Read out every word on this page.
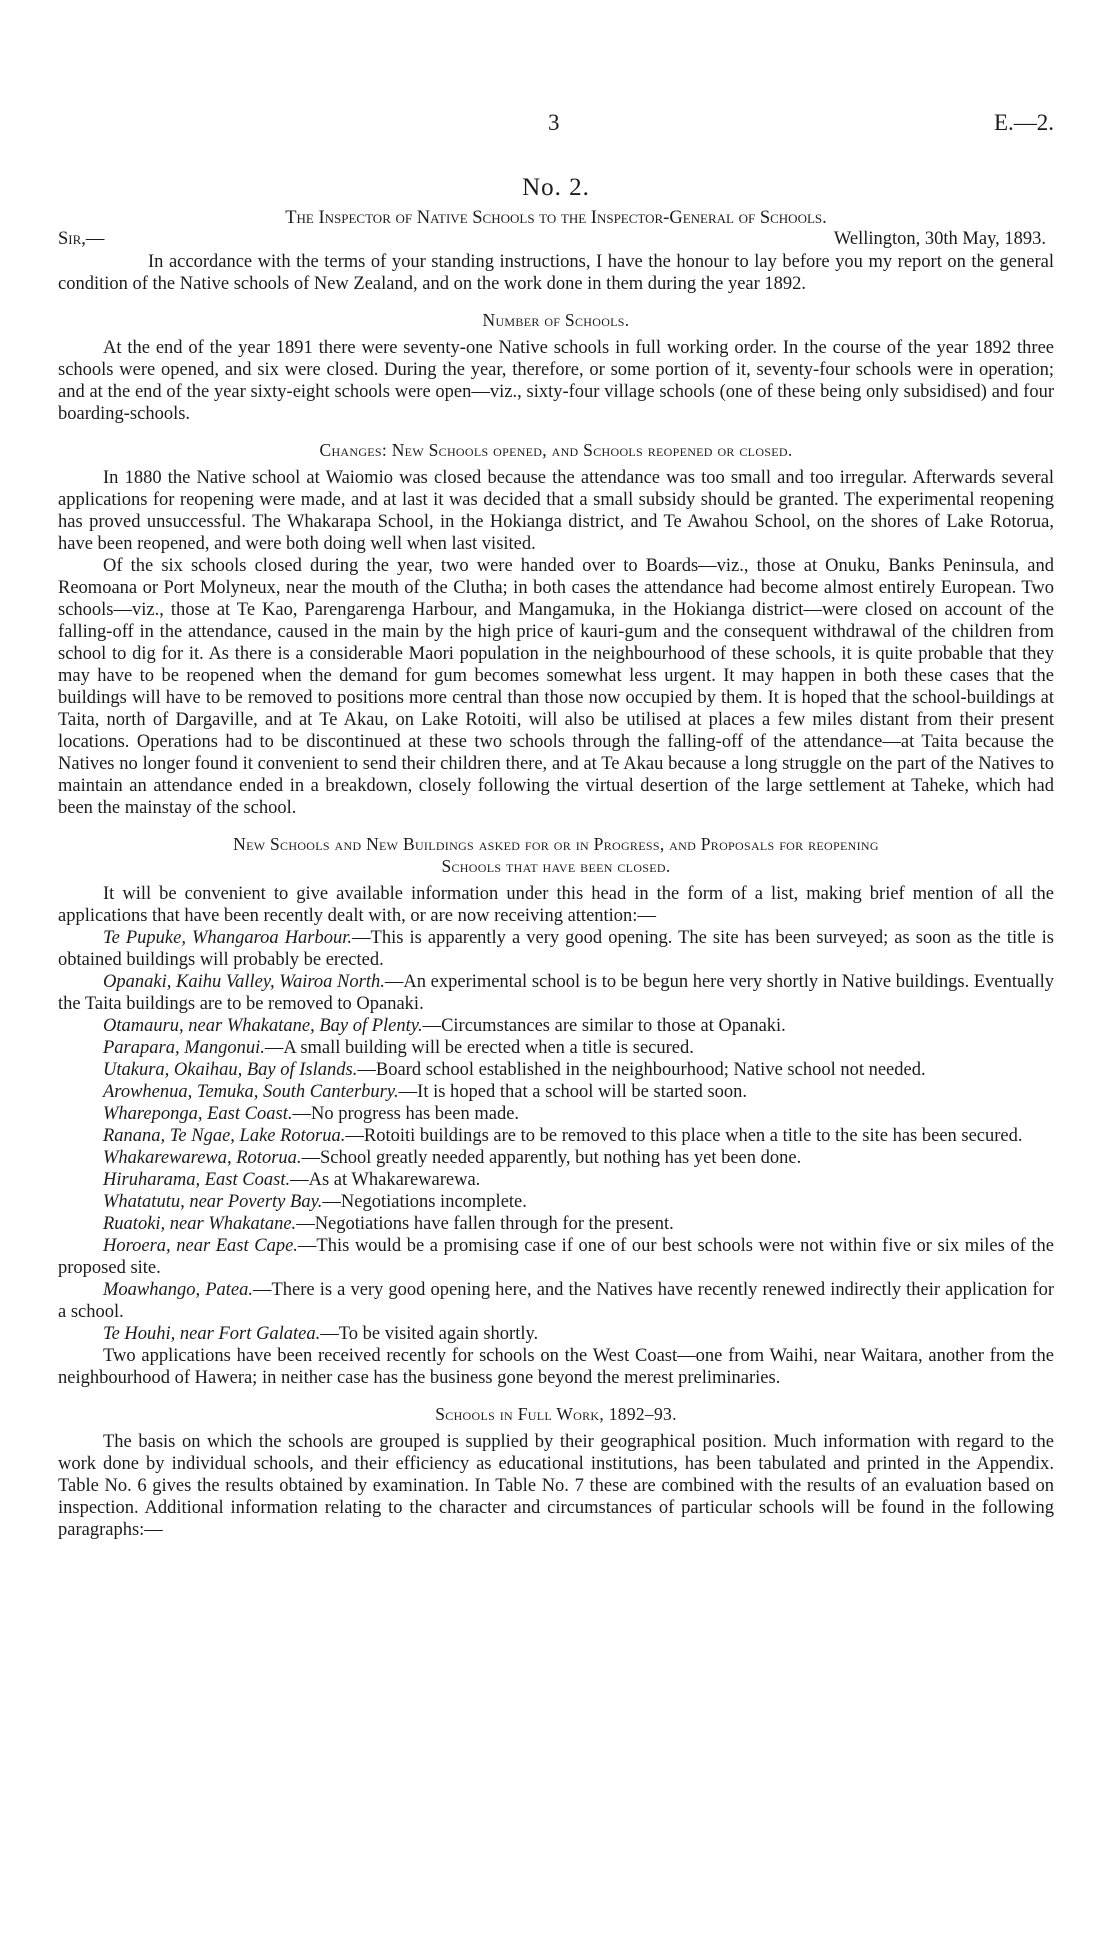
3	E.—2.
No. 2.
The Inspector of Native Schools to the Inspector-General of Schools.
Sir,—	Wellington, 30th May, 1893.

In accordance with the terms of your standing instructions, I have the honour to lay before you my report on the general condition of the Native schools of New Zealand, and on the work done in them during the year 1892.

Number of Schools.

At the end of the year 1891 there were seventy-one Native schools in full working order. In the course of the year 1892 three schools were opened, and six were closed. During the year, therefore, or some portion of it, seventy-four schools were in operation; and at the end of the year sixty-eight schools were open—viz., sixty-four village schools (one of these being only subsidised) and four boarding-schools.

Changes: New Schools opened, and Schools reopened or closed.

In 1880 the Native school at Waiomio was closed because the attendance was too small and too irregular. Afterwards several applications for reopening were made, and at last it was decided that a small subsidy should be granted. The experimental reopening has proved unsuccessful. The Whakarapa School, in the Hokianga district, and Te Awahou School, on the shores of Lake Rotorua, have been reopened, and were both doing well when last visited.

Of the six schools closed during the year, two were handed over to Boards—viz., those at Onuku, Banks Peninsula, and Reomoana or Port Molyneux, near the mouth of the Clutha; in both cases the attendance had become almost entirely European. Two schools—viz., those at Te Kao, Parengarenga Harbour, and Mangamuka, in the Hokianga district—were closed on account of the falling-off in the attendance, caused in the main by the high price of kauri-gum and the consequent withdrawal of the children from school to dig for it. As there is a considerable Maori population in the neighbourhood of these schools, it is quite probable that they may have to be reopened when the demand for gum becomes somewhat less urgent. It may happen in both these cases that the buildings will have to be removed to positions more central than those now occupied by them. It is hoped that the school-buildings at Taita, north of Dargaville, and at Te Akau, on Lake Rotoiti, will also be utilised at places a few miles distant from their present locations. Operations had to be discontinued at these two schools through the falling-off of the attendance—at Taita because the Natives no longer found it convenient to send their children there, and at Te Akau because a long struggle on the part of the Natives to maintain an attendance ended in a breakdown, closely following the virtual desertion of the large settlement at Taheke, which had been the mainstay of the school.

New Schools and New Buildings asked for or in Progress, and Proposals for reopening
Schools that have been closed.

It will be convenient to give available information under this head in the form of a list, making brief mention of all the applications that have been recently dealt with, or are now receiving attention:—

Te Pupuke, Whangaroa Harbour.—This is apparently a very good opening. The site has been surveyed; as soon as the title is obtained buildings will probably be erected.

Opanaki, Kaihu Valley, Wairoa North.—An experimental school is to be begun here very shortly in Native buildings. Eventually the Taita buildings are to be removed to Opanaki.

Otamauru, near Whakatane, Bay of Plenty.—Circumstances are similar to those at Opanaki.

Parapara, Mangonui.—A small building will be erected when a title is secured.

Utakura, Okaihau, Bay of Islands.—Board school established in the neighbourhood; Native school not needed.

Arowhenua, Temuka, South Canterbury.—It is hoped that a school will be started soon.

Whareponga, East Coast.—No progress has been made.

Ranana, Te Ngae, Lake Rotorua.—Rotoiti buildings are to be removed to this place when a title to the site has been secured.

Whakarewarewa, Rotorua.—School greatly needed apparently, but nothing has yet been done.

Hiruharama, East Coast.—As at Whakarewarewa.

Whatatutu, near Poverty Bay.—Negotiations incomplete.

Ruatoki, near Whakatane.—Negotiations have fallen through for the present.

Horoera, near East Cape.—This would be a promising case if one of our best schools were not within five or six miles of the proposed site.

Moawhango, Patea.—There is a very good opening here, and the Natives have recently renewed indirectly their application for a school.

Te Houhi, near Fort Galatea.—To be visited again shortly.

Two applications have been received recently for schools on the West Coast—one from Waihi, near Waitara, another from the neighbourhood of Hawera; in neither case has the business gone beyond the merest preliminaries.

Schools in Full Work, 1892–93.

The basis on which the schools are grouped is supplied by their geographical position. Much information with regard to the work done by individual schools, and their efficiency as educational institutions, has been tabulated and printed in the Appendix. Table No. 6 gives the results obtained by examination. In Table No. 7 these are combined with the results of an evaluation based on inspection. Additional information relating to the character and circumstances of particular schools will be found in the following paragraphs:—
